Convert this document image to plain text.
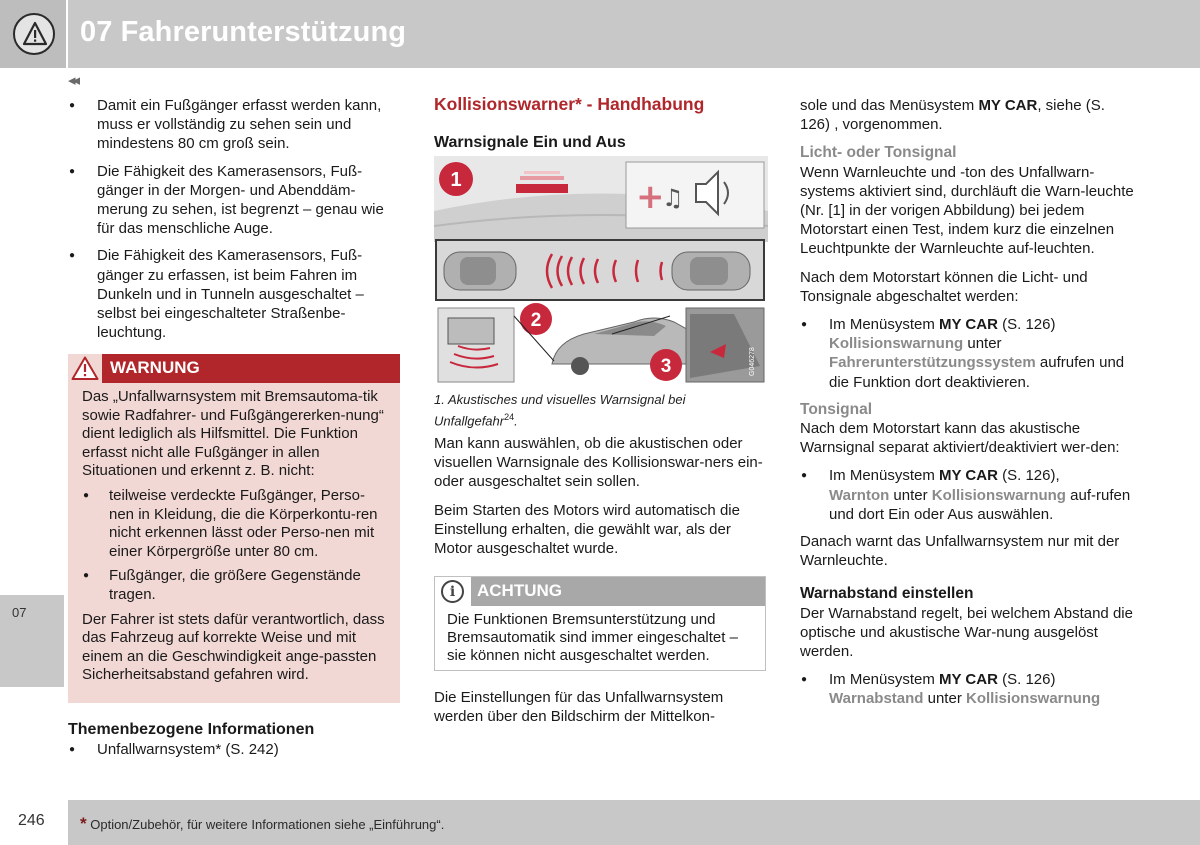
07 Fahrerunterstützung
◂◂
07
● Damit ein Fußgänger erfasst werden kann, muss er vollständig zu sehen sein und mindestens 80 cm groß sein.
● Die Fähigkeit des Kamerasensors, Fuß-gänger in der Morgen- und Abenddäm-merung zu sehen, ist begrenzt – genau wie für das menschliche Auge.
● Die Fähigkeit des Kamerasensors, Fuß-gänger zu erfassen, ist beim Fahren im Dunkeln und in Tunneln ausgeschaltet – selbst bei eingeschalteter Straßenbe-leuchtung.
WARNUNG

Das „Unfallwarnsystem mit Bremsautoma-tik sowie Radfahrer- und Fußgängererken-nung“ dient lediglich als Hilfsmittel. Die Funktion erfasst nicht alle Fußgänger in allen Situationen und erkennt z. B. nicht:

● teilweise verdeckte Fußgänger, Perso-nen in Kleidung, die die Körperkontu-ren nicht erkennen lässt oder Perso-nen mit einer Körpergröße unter 80 cm.
● Fußgänger, die größere Gegenstände tragen.

Der Fahrer ist stets dafür verantwortlich, dass das Fahrzeug auf korrekte Weise und mit einem an die Geschwindigkeit ange-passten Sicherheitsabstand gefahren wird.

Themenbezogene Informationen
● Unfallwarnsystem* (S. 242)
Kollisionswarner* - Handhabung
Warnsignale Ein und Aus
+
♫
1
2
3	G046278
1. Akustisches und visuelles Warnsignal bei Unfallgefahr$^{24}$.

Man kann auswählen, ob die akustischen oder visuellen Warnsignale des Kollisionswar-ners ein- oder ausgeschaltet sein sollen.

Beim Starten des Motors wird automatisch die Einstellung erhalten, die gewählt war, als der Motor ausgeschaltet wurde.

i	ACHTUNG
Die Funktionen Bremsunterstützung und Bremsautomatik sind immer eingeschaltet – sie können nicht ausgeschaltet werden.

Die Einstellungen für das Unfallwarnsystem werden über den Bildschirm der Mittelkon-

sole und das Menüsystem MY CAR, siehe (S. 126) , vorgenommen.

Licht- oder Tonsignal

Wenn Warnleuchte und -ton des Unfallwarn-systems aktiviert sind, durchläuft die Warn-leuchte (Nr. [1] in der vorigen Abbildung) bei jedem Motorstart einen Test, indem kurz die einzelnen Leuchtpunkte der Warnleuchte auf-leuchten.

Nach dem Motorstart können die Licht- und Tonsignale abgeschaltet werden:

● Im Menüsystem MY CAR (S. 126)
Kollisionswarnung unter
Fahrerunterstützungssystem aufrufen und die Funktion dort deaktivieren.
Tonsignal

Nach dem Motorstart kann das akustische Warnsignal separat aktiviert/deaktiviert wer-den:

● Im Menüsystem MY CAR (S. 126),
Warnton unter Kollisionswarnung auf-rufen und dort Ein oder Aus auswählen.

Danach warnt das Unfallwarnsystem nur mit der Warnleuchte.

Warnabstand einstellen

Der Warnabstand regelt, bei welchem Abstand die optische und akustische War-nung ausgelöst werden.

● Im Menüsystem MY CAR (S. 126)
Warnabstand unter Kollisionswarnung
246 * Option/Zubehör, für weitere Informationen siehe „Einführung“.
